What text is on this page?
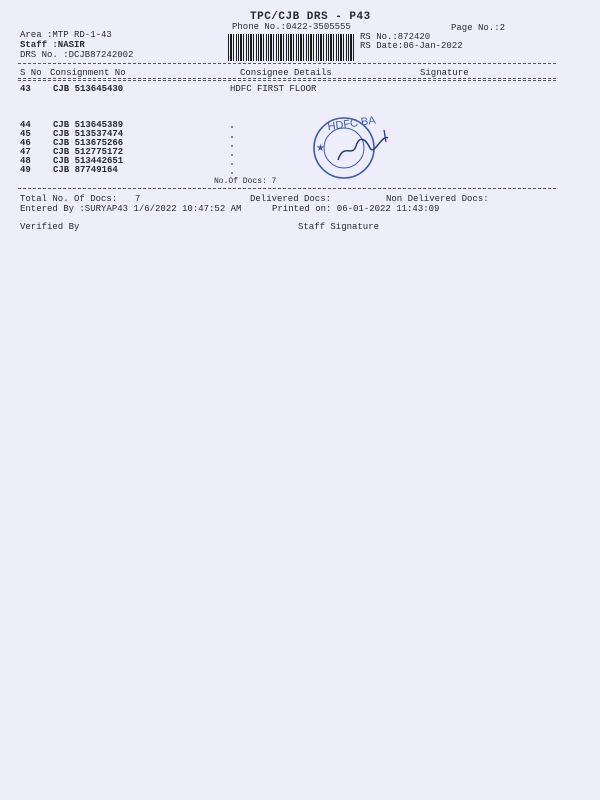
TPC/CJB DRS - P43
Phone No.:0422-3505555	Page No.:2
Area :MTP RD-1-43
Staff :NASIR
DRS No. :DCJB87242002
RS No.:872420
RS Date:06-Jan-2022
S No Consignment No	Consignee Details	Signature
43 CJB 513645430	HDFC FIRST FLOOR
44 CJB 513645389
45 CJB 513537474
46 CJB 513675266
47 CJB 512775172
48 CJB 513442651
49 CJB 87749164
No.Of Docs: 7
HDFC BA
★
Total No. Of Docs: 7	Delivered Docs:	Non Delivered Docs:
Entered By :SURYAP43 1/6/2022 10:47:52 AM	Printed on: 06-01-2022 11:43:09
Verified By	Staff Signature
